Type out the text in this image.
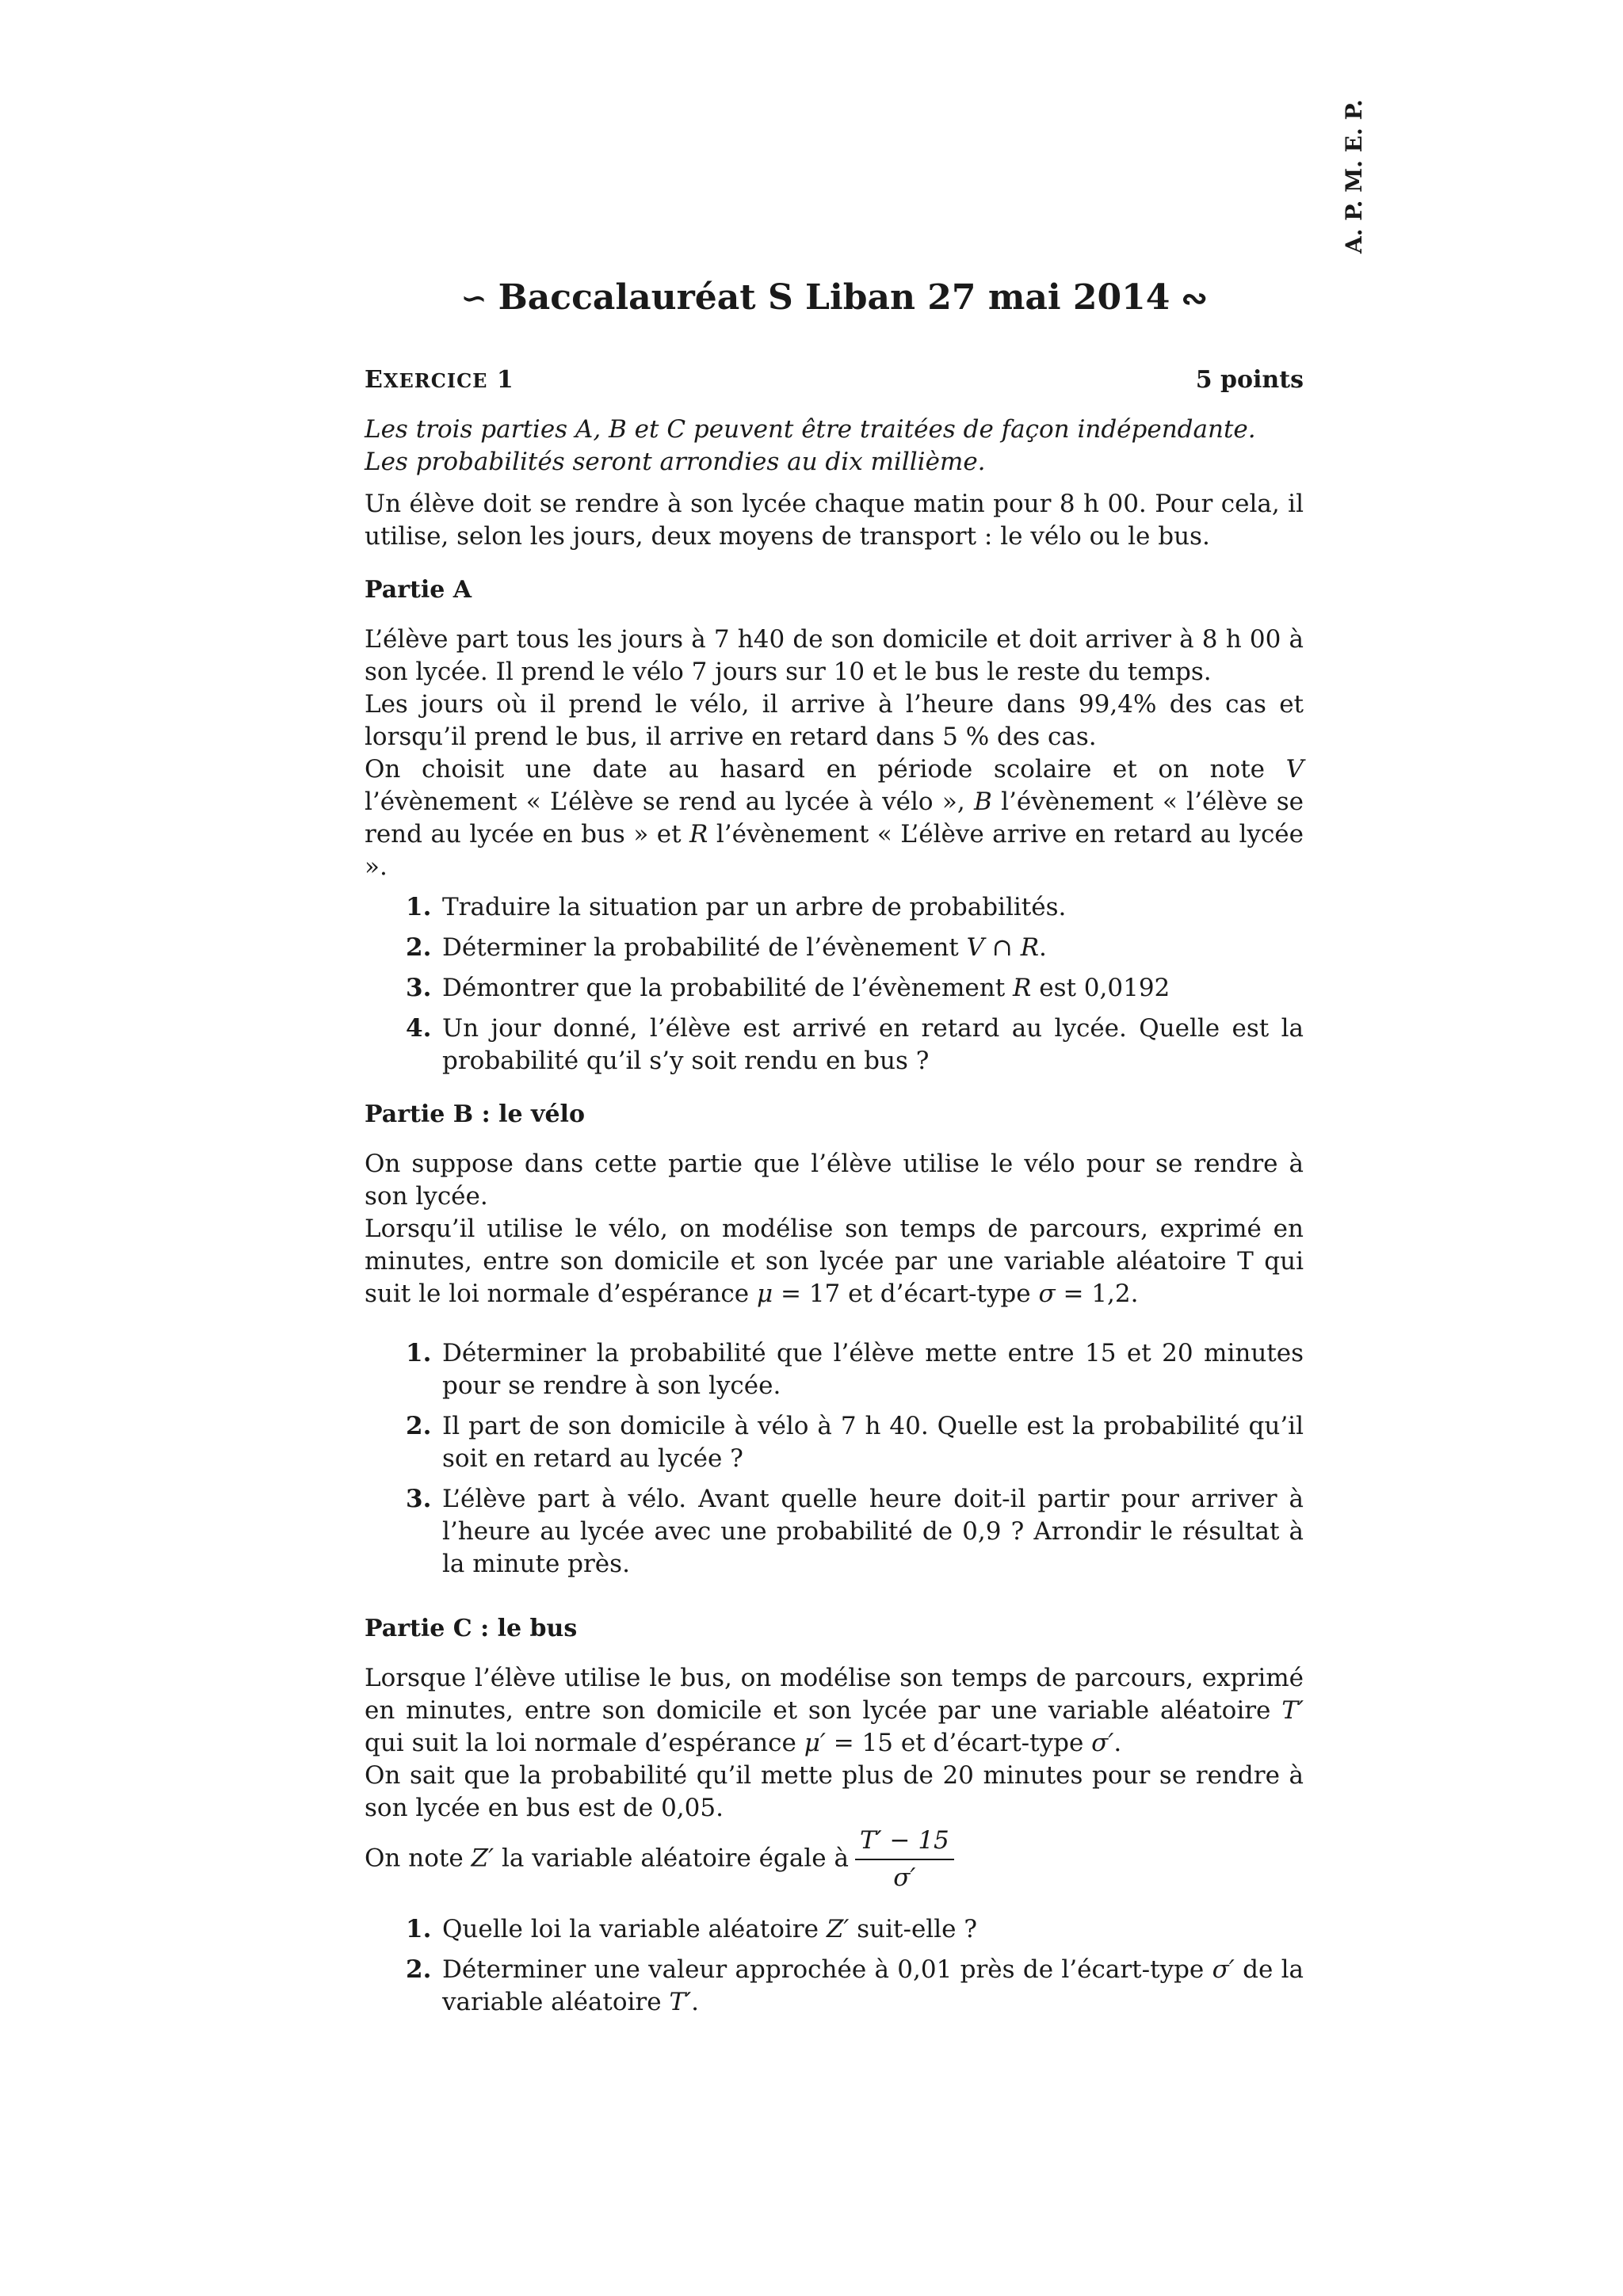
A. P. M. E. P.
∽ Baccalauréat S Liban 27 mai 2014 ∾
EXERCICE 1	5 points

Les trois parties A, B et C peuvent être traitées de façon indépendante.

Les probabilités seront arrondies au dix millième.

Un élève doit se rendre à son lycée chaque matin pour 8 h 00. Pour cela, il utilise, selon les jours, deux moyens de transport : le vélo ou le bus.

Partie A

L’élève part tous les jours à 7 h40 de son domicile et doit arriver à 8 h 00 à son lycée. Il prend le vélo 7 jours sur 10 et le bus le reste du temps.

Les jours où il prend le vélo, il arrive à l’heure dans 99,4% des cas et lorsqu’il prend le bus, il arrive en retard dans 5 % des cas.

On choisit une date au hasard en période scolaire et on note V l’évènement « L’élève se rend au lycée à vélo », B l’évènement « l’élève se rend au lycée en bus » et R l’évènement « L’élève arrive en retard au lycée ».

1. Traduire la situation par un arbre de probabilités.
2. Déterminer la probabilité de l’évènement V ∩ R.
3. Démontrer que la probabilité de l’évènement R est 0,0192
4. Un jour donné, l’élève est arrivé en retard au lycée. Quelle est la probabilité qu’il s’y soit rendu en bus ?
Partie B : le vélo

On suppose dans cette partie que l’élève utilise le vélo pour se rendre à son lycée.

Lorsqu’il utilise le vélo, on modélise son temps de parcours, exprimé en minutes, entre son domicile et son lycée par une variable aléatoire T qui suit le loi normale d’espérance μ = 17 et d’écart-type σ = 1,2.

1. Déterminer la probabilité que l’élève mette entre 15 et 20 minutes pour se rendre à son lycée.
2. Il part de son domicile à vélo à 7 h 40. Quelle est la probabilité qu’il soit en retard au lycée ?
3. L’élève part à vélo. Avant quelle heure doit-il partir pour arriver à l’heure au lycée avec une probabilité de 0,9 ? Arrondir le résultat à la minute près.
Partie C : le bus

Lorsque l’élève utilise le bus, on modélise son temps de parcours, exprimé en minutes, entre son domicile et son lycée par une variable aléatoire T′ qui suit la loi normale d’espérance μ′ = 15 et d’écart-type σ′.

On sait que la probabilité qu’il mette plus de 20 minutes pour se rendre à son lycée en bus est de 0,05.

On note Z′ la variable aléatoire égale à $\frac{T' - 15}{\sigma'}$

1. Quelle loi la variable aléatoire Z′ suit-elle ?
2. Déterminer une valeur approchée à 0,01 près de l’écart-type σ′ de la variable aléatoire T′.
